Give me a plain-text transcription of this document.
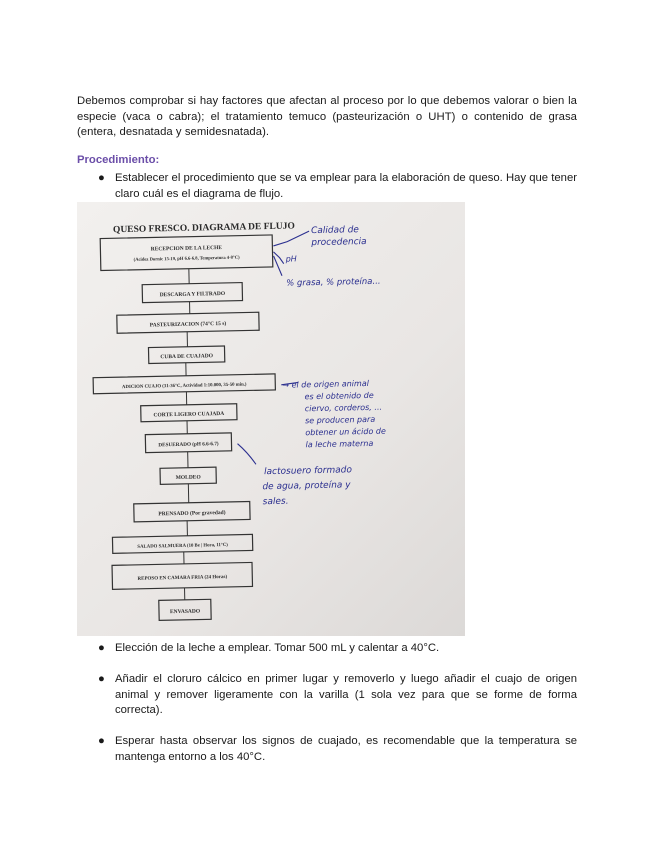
Debemos comprobar si hay factores que afectan al proceso por lo que debemos valorar o bien la especie (vaca o cabra); el tratamiento temuco (pasteurización o UHT) o contenido de grasa (entera, desnatada y semidesnatada).
Procedimiento:
● Establecer el procedimiento que se va emplear para la elaboración de queso. Hay que tener claro cuál es el diagrama de flujo.
QUESO FRESCO. DIAGRAMA DE FLUJO
RECEPCION DE LA LECHE
(Acidez Dornic 15-19, pH 6.6-6.8, Temperatura 4-8°C)
DESCARGA Y FILTRADO
PASTEURIZACION (74°C 15 s)
CUBA DE CUAJADO
ADICION CUAJO (31-36°C, Actividad 1:10.000, 35-50 min.)
CORTE LIGERO CUAJADA
DESUERADO (pH 6.6-6.7)
MOLDEO
PRENSADO (Por gravedad)
SALADO SALMUERA (10 Be | Hora, 11°C)
REPOSO EN CAMARA FRIA (24 Horas)
ENVASADO
Calidad de
procedencia
pH
% grasa, % proteína...
→ el de origen animal
es el obtenido de
ciervo, corderos, ...
se producen para
obtener un ácido de
la leche materna
lactosuero formado
de agua, proteína y
sales.
● Elección de la leche a emplear. Tomar 500 mL y calentar a 40°C.
● Añadir el cloruro cálcico en primer lugar y removerlo y luego añadir el cuajo de origen animal y remover ligeramente con la varilla (1 sola vez para que se forme de forma correcta).
● Esperar hasta observar los signos de cuajado, es recomendable que la temperatura se mantenga entorno a los 40°C.
